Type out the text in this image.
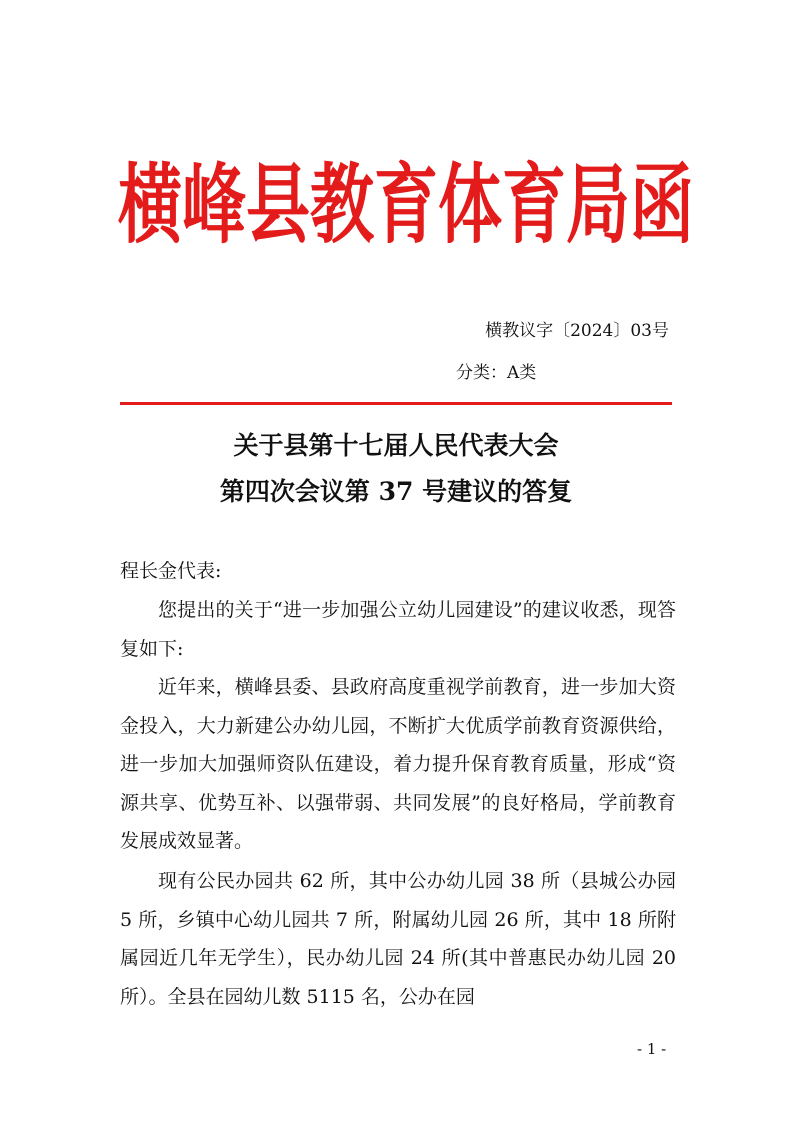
横峰县教育体育局函
横教议字〔2024〕03号
分类：A类
关于县第十七届人民代表大会
第四次会议第 37 号建议的答复
程长金代表:
您提出的关于“进一步加强公立幼儿园建设”的建议收悉，现答复如下:
近年来，横峰县委、县政府高度重视学前教育，进一步加大资金投入，大力新建公办幼儿园，不断扩大优质学前教育资源供给，进一步加大加强师资队伍建设，着力提升保育教育质量，形成“资源共享、优势互补、以强带弱、共同发展”的良好格局，学前教育发展成效显著。
现有公民办园共 62 所，其中公办幼儿园 38 所（县城公办园 5 所，乡镇中心幼儿园共 7 所，附属幼儿园 26 所，其中 18 所附属园近几年无学生），民办幼儿园 24 所(其中普惠民办幼儿园 20 所）。全县在园幼儿数 5115 名，公办在园
- 1 -
